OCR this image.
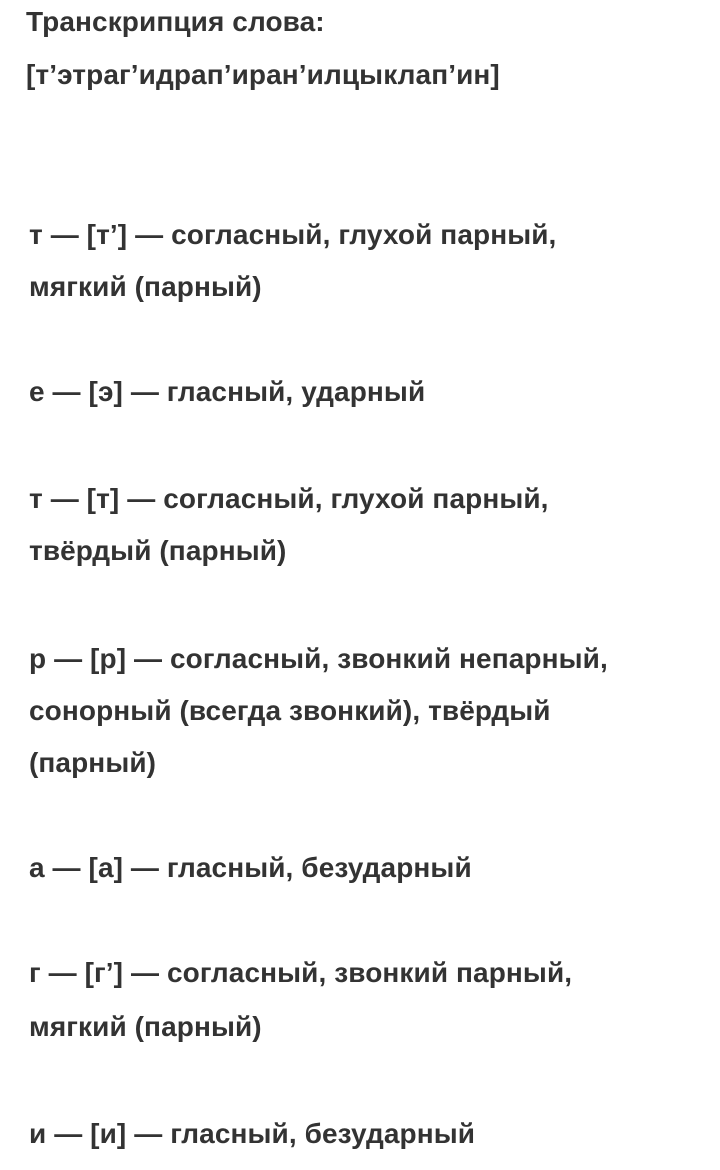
Транскрипция слова:

[т’этраг’идрап’иран’илцыклап’ин]

т — [т’] — согласный, глухой парный,

мягкий (парный)

е — [э] — гласный, ударный

т — [т] — согласный, глухой парный,

твёрдый (парный)

р — [р] — согласный, звонкий непарный,

сонорный (всегда звонкий), твёрдый

(парный)

а — [а] — гласный, безударный

г — [г’] — согласный, звонкий парный,

мягкий (парный)

и — [и] — гласный, безударный
